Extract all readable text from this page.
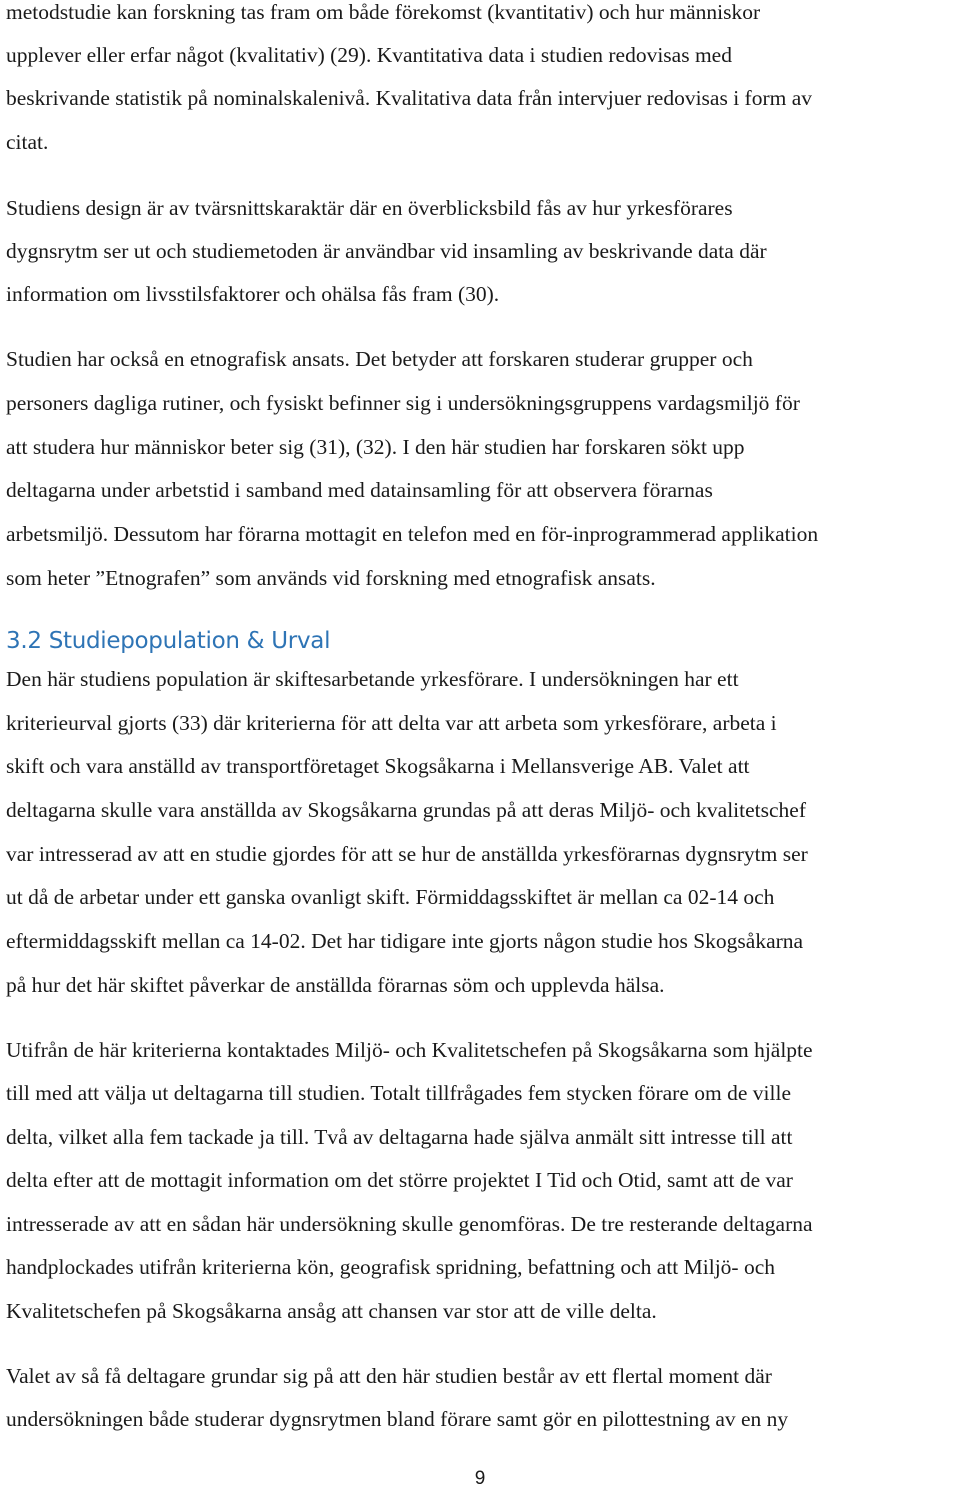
metodstudie kan forskning tas fram om både förekomst (kvantitativ) och hur människor
upplever eller erfar något (kvalitativ) (29). Kvantitativa data i studien redovisas med
beskrivande statistik på nominalskalenivå. Kvalitativa data från intervjuer redovisas i form av
citat.
Studiens design är av tvärsnittskaraktär där en överblicksbild fås av hur yrkesförares
dygnsrytm ser ut och studiemetoden är användbar vid insamling av beskrivande data där
information om livsstilsfaktorer och ohälsa fås fram (30).
Studien har också en etnografisk ansats. Det betyder att forskaren studerar grupper och
personers dagliga rutiner, och fysiskt befinner sig i undersökningsgruppens vardagsmiljö för
att studera hur människor beter sig (31), (32). I den här studien har forskaren sökt upp
deltagarna under arbetstid i samband med datainsamling för att observera förarnas
arbetsmiljö. Dessutom har förarna mottagit en telefon med en för-inprogrammerad applikation
som heter ”Etnografen” som används vid forskning med etnografisk ansats.
3.2 Studiepopulation & Urval
Den här studiens population är skiftesarbetande yrkesförare. I undersökningen har ett
kriterieurval gjorts (33) där kriterierna för att delta var att arbeta som yrkesförare, arbeta i
skift och vara anställd av transportföretaget Skogsåkarna i Mellansverige AB. Valet att
deltagarna skulle vara anställda av Skogsåkarna grundas på att deras Miljö- och kvalitetschef
var intresserad av att en studie gjordes för att se hur de anställda yrkesförarnas dygnsrytm ser
ut då de arbetar under ett ganska ovanligt skift. Förmiddagsskiftet är mellan ca 02-14 och
eftermiddagsskift mellan ca 14-02. Det har tidigare inte gjorts någon studie hos Skogsåkarna
på hur det här skiftet påverkar de anställda förarnas söm och upplevda hälsa.
Utifrån de här kriterierna kontaktades Miljö- och Kvalitetschefen på Skogsåkarna som hjälpte
till med att välja ut deltagarna till studien. Totalt tillfrågades fem stycken förare om de ville
delta, vilket alla fem tackade ja till. Två av deltagarna hade själva anmält sitt intresse till att
delta efter att de mottagit information om det större projektet I Tid och Otid, samt att de var
intresserade av att en sådan här undersökning skulle genomföras. De tre resterande deltagarna
handplockades utifrån kriterierna kön, geografisk spridning, befattning och att Miljö- och
Kvalitetschefen på Skogsåkarna ansåg att chansen var stor att de ville delta.
Valet av så få deltagare grundar sig på att den här studien består av ett flertal moment där
undersökningen både studerar dygnsrytmen bland förare samt gör en pilottestning av en ny
9
